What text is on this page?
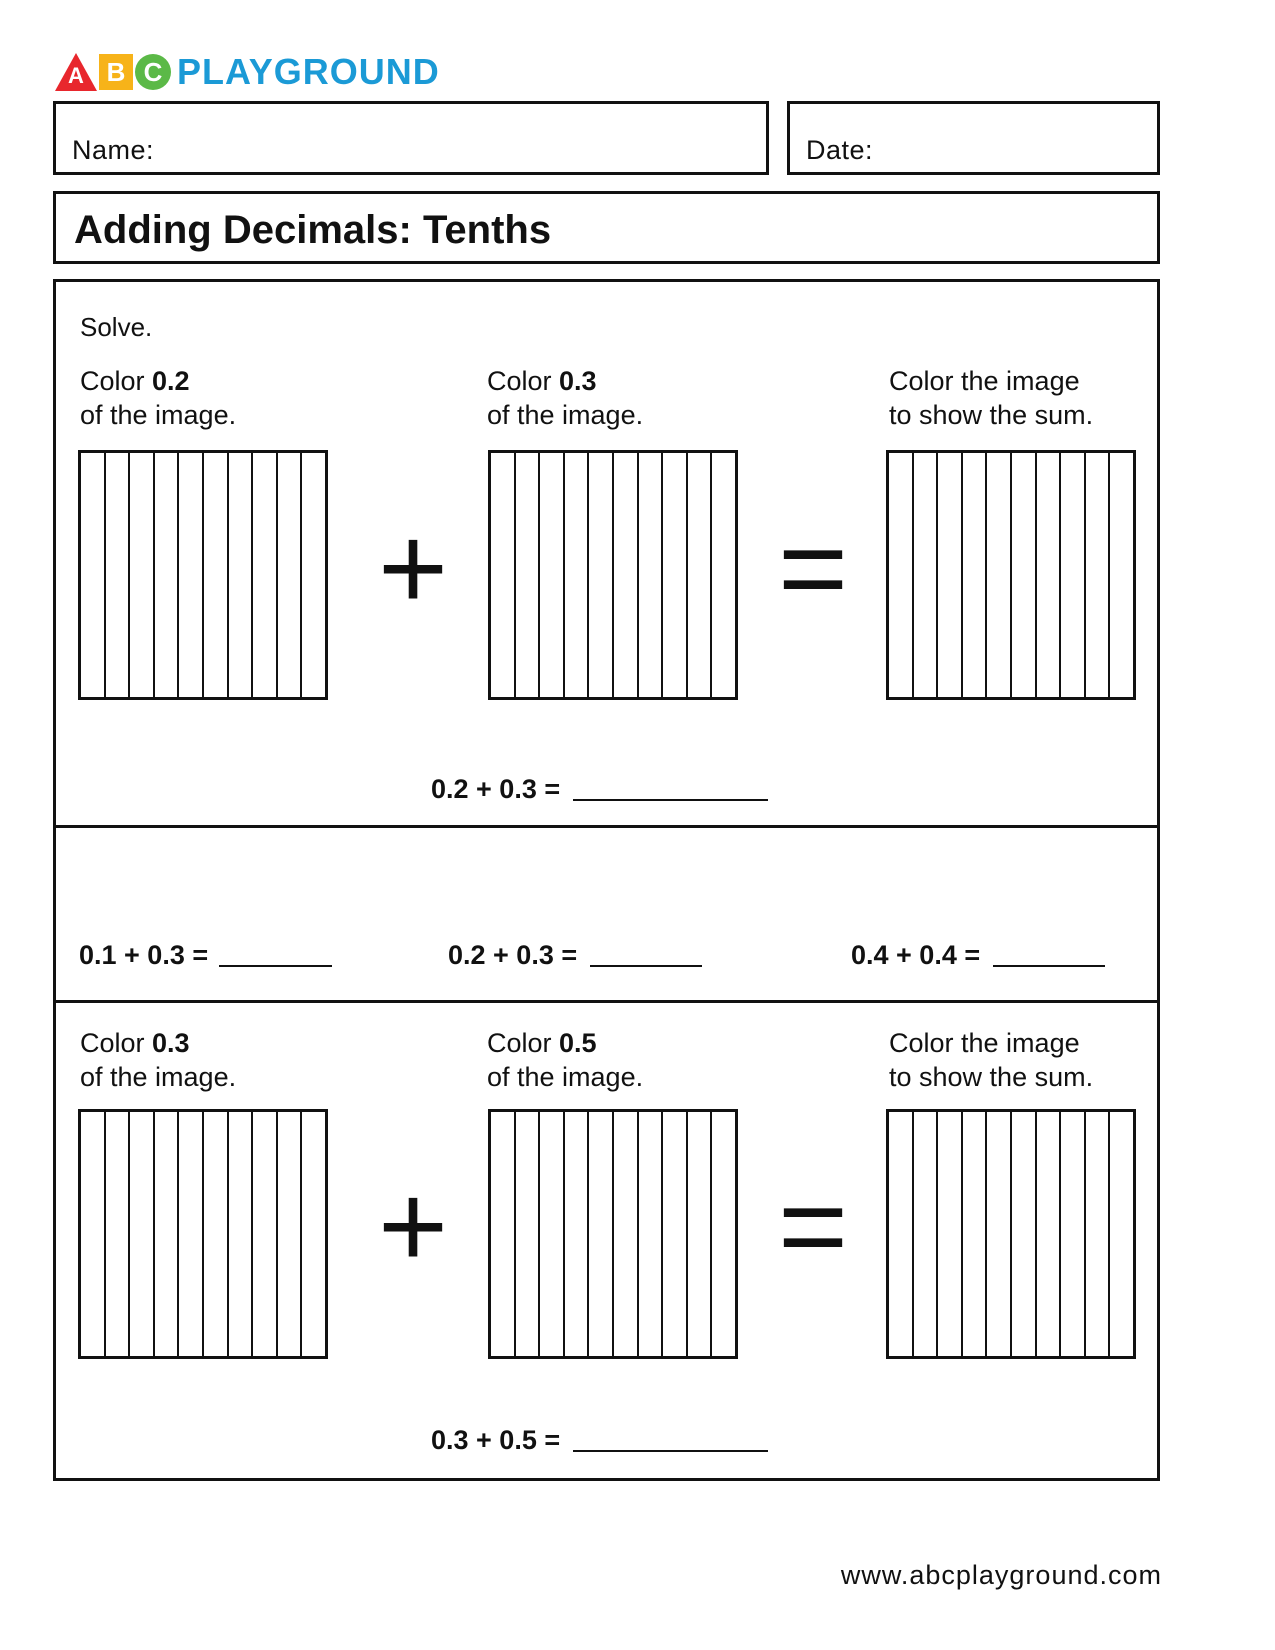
A B C PLAYGROUND
Name:	Date:
Adding Decimals: Tenths
Solve.
Color 0.2
of the image.
Color 0.3
of the image.
Color the image
to show the sum.
+	=
0.2 + 0.3 =
0.1 + 0.3 =	0.2 + 0.3 =	0.4 + 0.4 =
Color 0.3
of the image.
Color 0.5
of the image.
Color the image
to show the sum.
+	=
0.3 + 0.5 =
www.abcplayground.com
